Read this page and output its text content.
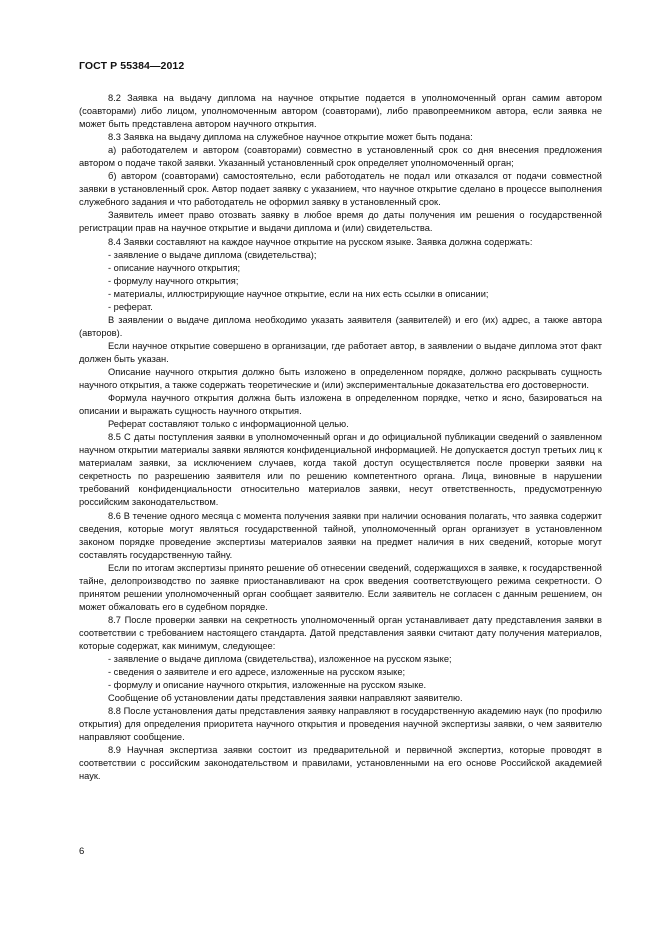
ГОСТ Р 55384—2012

8.2 Заявка на выдачу диплома на научное открытие подается в уполномоченный орган самим автором (соавторами) либо лицом, уполномоченным автором (соавторами), либо правопреемником автора, если заявка не может быть представлена автором научного открытия.

8.3 Заявка на выдачу диплома на служебное научное открытие может быть подана:

а) работодателем и автором (соавторами) совместно в установленный срок со дня внесения предложения автором о подаче такой заявки. Указанный установленный срок определяет уполномоченный орган;

б) автором (соавторами) самостоятельно, если работодатель не подал или отказался от подачи совместной заявки в установленный срок. Автор подает заявку с указанием, что научное открытие сделано в процессе выполнения служебного задания и что работодатель не оформил заявку в установленный срок.

Заявитель имеет право отозвать заявку в любое время до даты получения им решения о государственной регистрации прав на научное открытие и выдачи диплома и (или) свидетельства.

8.4 Заявки составляют на каждое научное открытие на русском языке. Заявка должна содержать:

- заявление о выдаче диплома (свидетельства);

- описание научного открытия;

- формулу научного открытия;

- материалы, иллюстрирующие научное открытие, если на них есть ссылки в описании;

- реферат.

В заявлении о выдаче диплома необходимо указать заявителя (заявителей) и его (их) адрес, а также автора (авторов).

Если научное открытие совершено в организации, где работает автор, в заявлении о выдаче диплома этот факт должен быть указан.

Описание научного открытия должно быть изложено в определенном порядке, должно раскрывать сущность научного открытия, а также содержать теоретические и (или) экспериментальные доказательства его достоверности.

Формула научного открытия должна быть изложена в определенном порядке, четко и ясно, базироваться на описании и выражать сущность научного открытия.

Реферат составляют только с информационной целью.

8.5 С даты поступления заявки в уполномоченный орган и до официальной публикации сведений о заявленном научном открытии материалы заявки являются конфиденциальной информацией. Не допускается доступ третьих лиц к материалам заявки, за исключением случаев, когда такой доступ осуществляется после проверки заявки на секретность по разрешению заявителя или по решению компетентного органа. Лица, виновные в нарушении требований конфиденциальности относительно материалов заявки, несут ответственность, предусмотренную российским законодательством.

8.6 В течение одного месяца с момента получения заявки при наличии основания полагать, что заявка содержит сведения, которые могут являться государственной тайной, уполномоченный орган организует в установленном законом порядке проведение экспертизы материалов заявки на предмет наличия в них сведений, которые могут составлять государственную тайну.

Если по итогам экспертизы принято решение об отнесении сведений, содержащихся в заявке, к государственной тайне, делопроизводство по заявке приостанавливают на срок введения соответствующего режима секретности. О принятом решении уполномоченный орган сообщает заявителю. Если заявитель не согласен с данным решением, он может обжаловать его в судебном порядке.

8.7 После проверки заявки на секретность уполномоченный орган устанавливает дату представления заявки в соответствии с требованием настоящего стандарта. Датой представления заявки считают дату получения материалов, которые содержат, как минимум, следующее:

- заявление о выдаче диплома (свидетельства), изложенное на русском языке;

- сведения о заявителе и его адресе, изложенные на русском языке;

- формулу и описание научного открытия, изложенные на русском языке.

Сообщение об установлении даты представления заявки направляют заявителю.

8.8 После установления даты представления заявку направляют в государственную академию наук (по профилю открытия) для определения приоритета научного открытия и проведения научной экспертизы заявки, о чем заявителю направляют сообщение.

8.9 Научная экспертиза заявки состоит из предварительной и первичной экспертиз, которые проводят в соответствии с российским законодательством и правилами, установленными на его основе Российской академией наук.

6
